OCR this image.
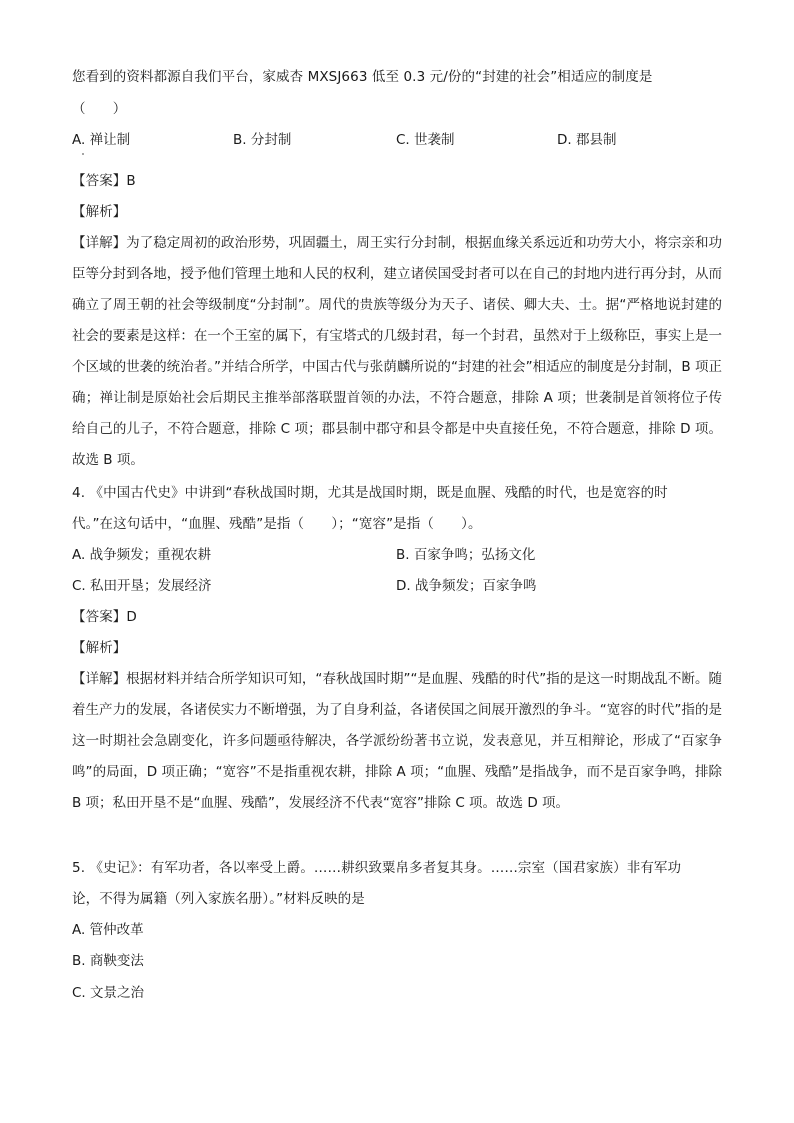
您看到的资料都源自我们平台，家威杏 MXSJ663 低至 0.3 元/份的“封建的社会”相适应的制度是
（　　）
A. 禅让制	B. 分封制	C. 世袭制	D. 郡县制
【答案】B
【解析】
【详解】为了稳定周初的政治形势，巩固疆土，周王实行分封制，根据血缘关系远近和功劳大小，将宗亲和功臣等分封到各地，授予他们管理土地和人民的权利，建立诸侯国受封者可以在自己的封地内进行再分封，从而确立了周王朝的社会等级制度“分封制”。周代的贵族等级分为天子、诸侯、卿大夫、士。据“严格地说封建的社会的要素是这样：在一个王室的属下，有宝塔式的几级封君，每一个封君，虽然对于上级称臣，事实上是一个区域的世袭的统治者。”并结合所学，中国古代与张荫麟所说的“封建的社会”相适应的制度是分封制，B 项正确；禅让制是原始社会后期民主推举部落联盟首领的办法，不符合题意，排除 A 项；世袭制是首领将位子传给自己的儿子，不符合题意，排除 C 项；郡县制中郡守和县令都是中央直接任免，不符合题意，排除 D 项。故选 B 项。
4. 《中国古代史》中讲到“春秋战国时期，尤其是战国时期，既是血腥、残酷的时代，也是宽容的时
代。”在这句话中，“血腥、残酷”是指（　　）；“宽容”是指（　　）。
A. 战争频发；重视农耕	B. 百家争鸣；弘扬文化
C. 私田开垦；发展经济	D. 战争频发；百家争鸣
【答案】D
【解析】
【详解】根据材料并结合所学知识可知，“春秋战国时期”“是血腥、残酷的时代”指的是这一时期战乱不断。随着生产力的发展，各诸侯实力不断增强，为了自身利益，各诸侯国之间展开激烈的争斗。“宽容的时代”指的是这一时期社会急剧变化，许多问题亟待解决，各学派纷纷著书立说，发表意见，并互相辩论，形成了“百家争鸣”的局面，D 项正确；“宽容”不是指重视农耕，排除 A 项；“血腥、残酷”是指战争，而不是百家争鸣，排除 B 项；私田开垦不是“血腥、残酷”，发展经济不代表“宽容”排除 C 项。故选 D 项。
5. 《史记》：有军功者，各以率受上爵。……耕织致粟帛多者复其身。……宗室（国君家族）非有军功
论，不得为属籍（列入家族名册）。”材料反映的是
A. 管仲改革
B. 商鞅变法
C. 文景之治
